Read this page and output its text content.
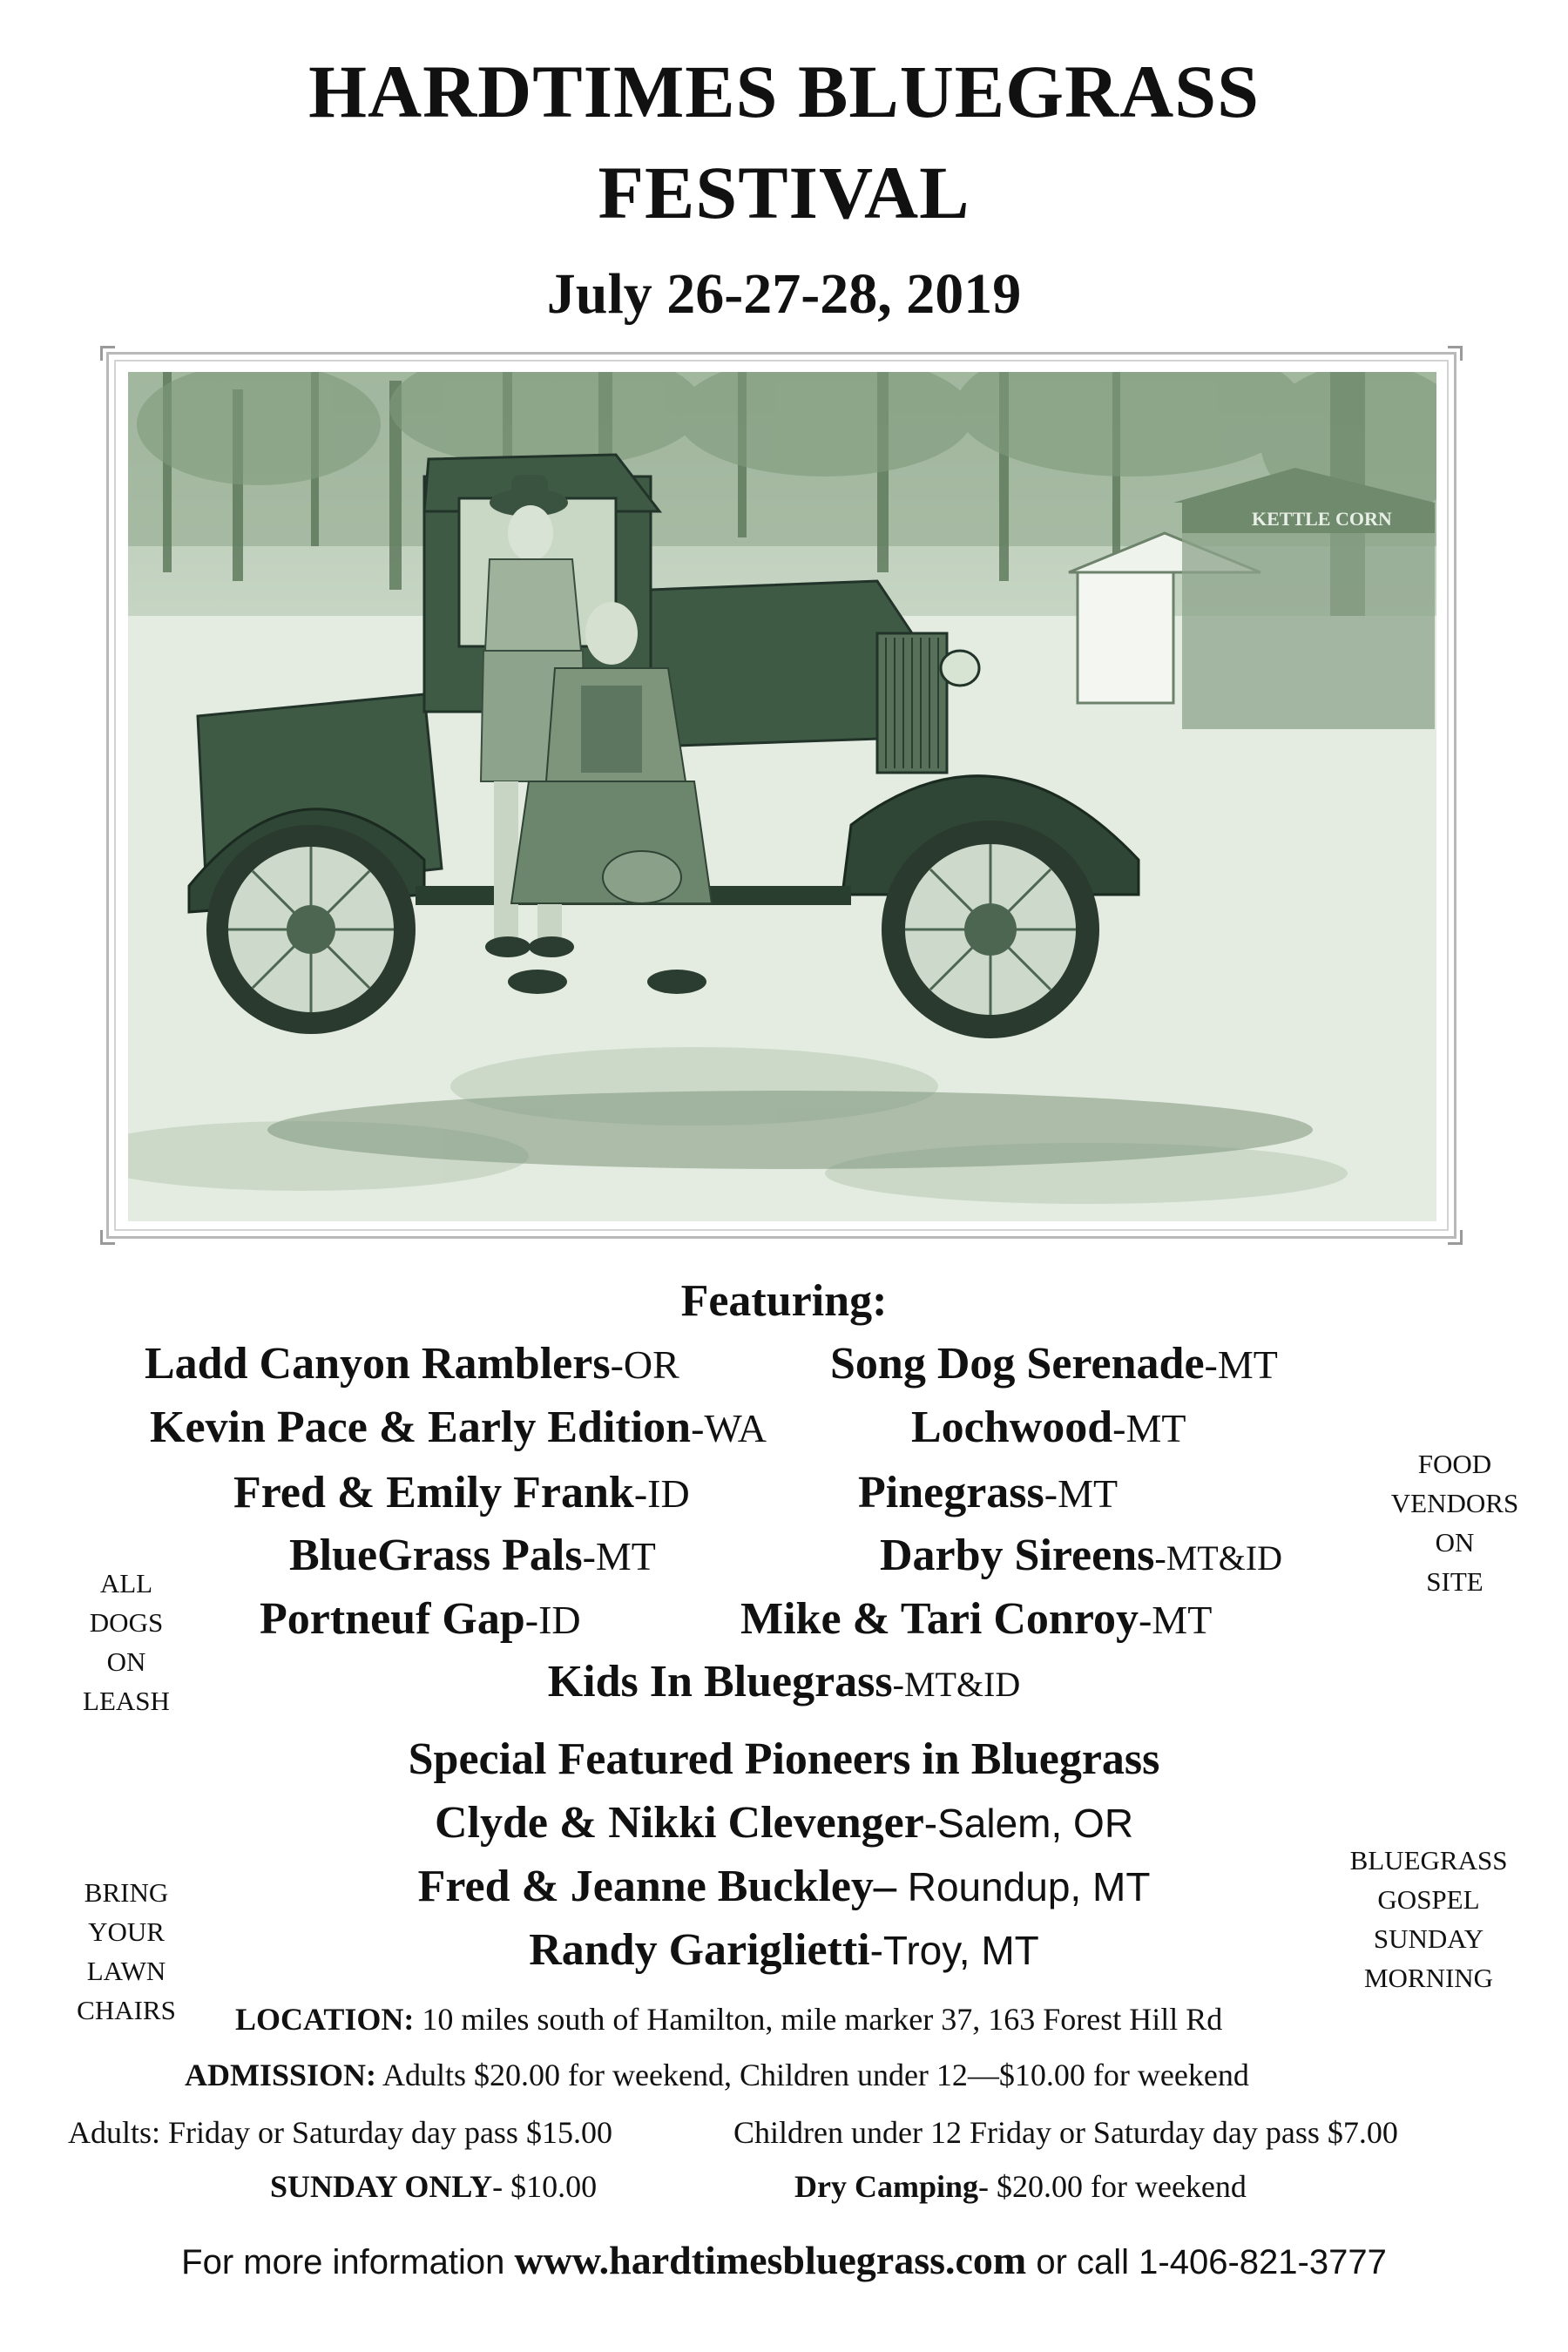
HARDTIMES BLUEGRASS
FESTIVAL
July 26-27-28, 2019
KETTLE CORN
Featuring:
Ladd Canyon Ramblers-OR	Song Dog Serenade-MT
Kevin Pace & Early Edition-WA	Lochwood-MT
Fred & Emily Frank-ID	Pinegrass-MT
BlueGrass Pals-MT	Darby Sireens-MT&ID
Portneuf Gap-ID	Mike & Tari Conroy-MT
Kids In Bluegrass-MT&ID
Special Featured Pioneers in Bluegrass
Clyde & Nikki Clevenger-Salem, OR
Fred & Jeanne Buckley– Roundup, MT
Randy Gariglietti-Troy, MT
FOOD
VENDORS
ON
SITE
ALL
DOGS
ON
LEASH
BRING
YOUR
LAWN
CHAIRS
BLUEGRASS
GOSPEL
SUNDAY
MORNING
LOCATION: 10 miles south of Hamilton, mile marker 37, 163 Forest Hill Rd
ADMISSION: Adults $20.00 for weekend, Children under 12—$10.00 for weekend
Adults: Friday or Saturday day pass $15.00	Children under 12 Friday or Saturday day pass $7.00
SUNDAY ONLY- $10.00	Dry Camping- $20.00 for weekend
For more information www.hardtimesbluegrass.com or call 1-406-821-3777
